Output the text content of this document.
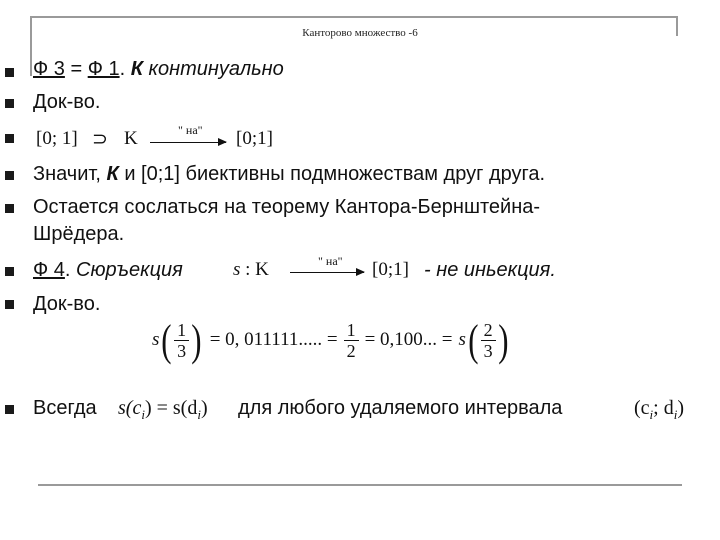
Канторово множество -6
Ф 3 = Ф 1. К континуально
Док-во.
[0; 1] ⊃ K	" на" [0;1]
Значит, К и [0;1] биективны подмножествам друг друга.
Остается сослаться на теорему Кантора-Бернштейна-
Шрёдера.
Ф 4. Сюръекция	s : K	" на" [0;1] - не иньекция.
Док-во.
s ( $\frac{1}{3}$ ) = 0, 011111..... = $\frac{1}{2} = 0,100$... = s ( $\frac{2}{3}$ )
Всегда $s(c_i) = s(d_i)$ для любого удаляемого интервала	($c_i$; $d_i$)
